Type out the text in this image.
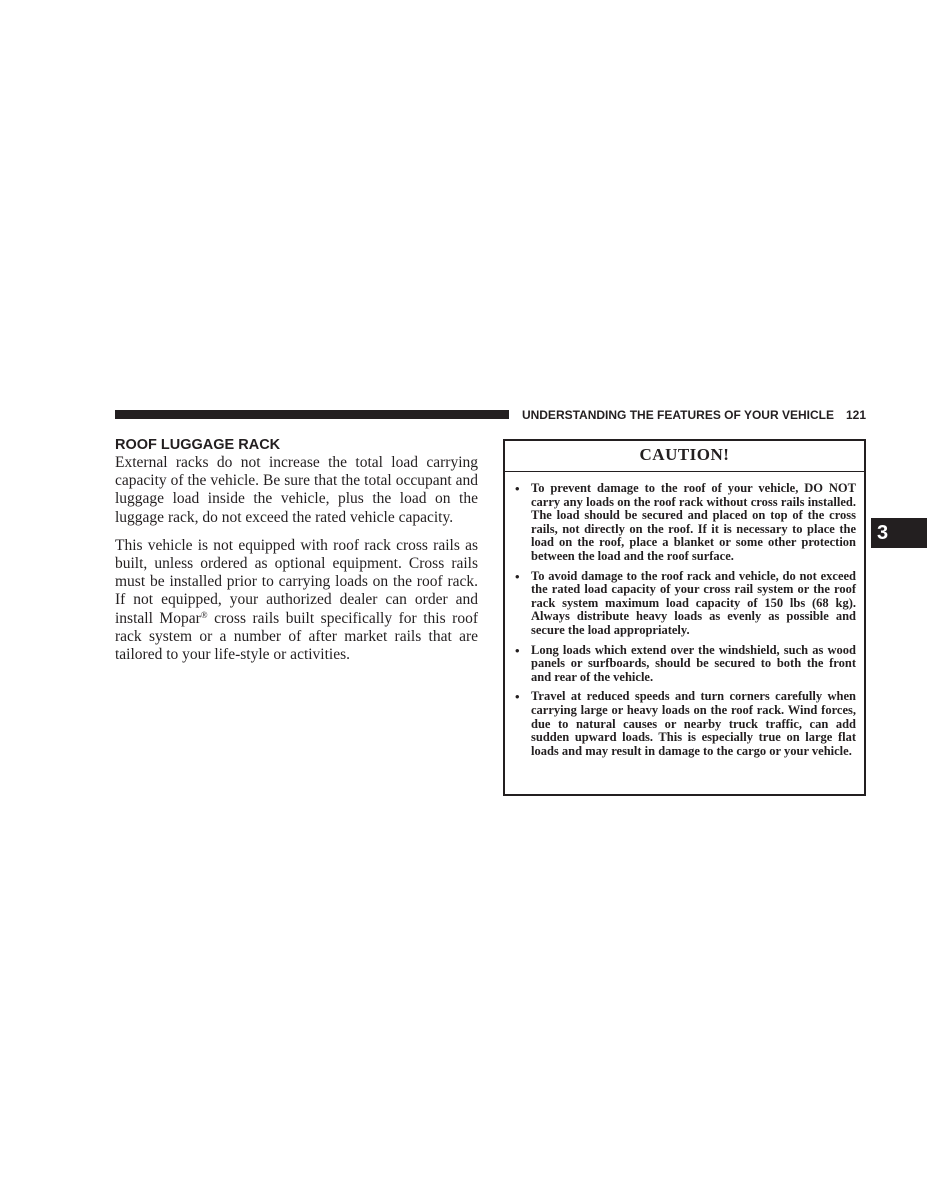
UNDERSTANDING THE FEATURES OF YOUR VEHICLE 121
3
ROOF LUGGAGE RACK

External racks do not increase the total load carrying capacity of the vehicle. Be sure that the total occupant and luggage load inside the vehicle, plus the load on the luggage rack, do not exceed the rated vehicle capacity.

This vehicle is not equipped with roof rack cross rails as built, unless ordered as optional equipment. Cross rails must be installed prior to carrying loads on the roof rack. If not equipped, your authorized dealer can order and install Mopar® cross rails built specifically for this roof rack system or a number of after market rails that are tailored to your life-style or activities.

CAUTION!
• To prevent damage to the roof of your vehicle, DO NOT carry any loads on the roof rack without cross rails installed. The load should be secured and placed on top of the cross rails, not directly on the roof. If it is necessary to place the load on the roof, place a blanket or some other protection between the load and the roof surface.
• To avoid damage to the roof rack and vehicle, do not exceed the rated load capacity of your cross rail system or the roof rack system maximum load capacity of 150 lbs (68 kg). Always distribute heavy loads as evenly as possible and secure the load appropriately.
• Long loads which extend over the windshield, such as wood panels or surfboards, should be secured to both the front and rear of the vehicle.
• Travel at reduced speeds and turn corners carefully when carrying large or heavy loads on the roof rack. Wind forces, due to natural causes or nearby truck traffic, can add sudden upward loads. This is especially true on large flat loads and may result in damage to the cargo or your vehicle.
